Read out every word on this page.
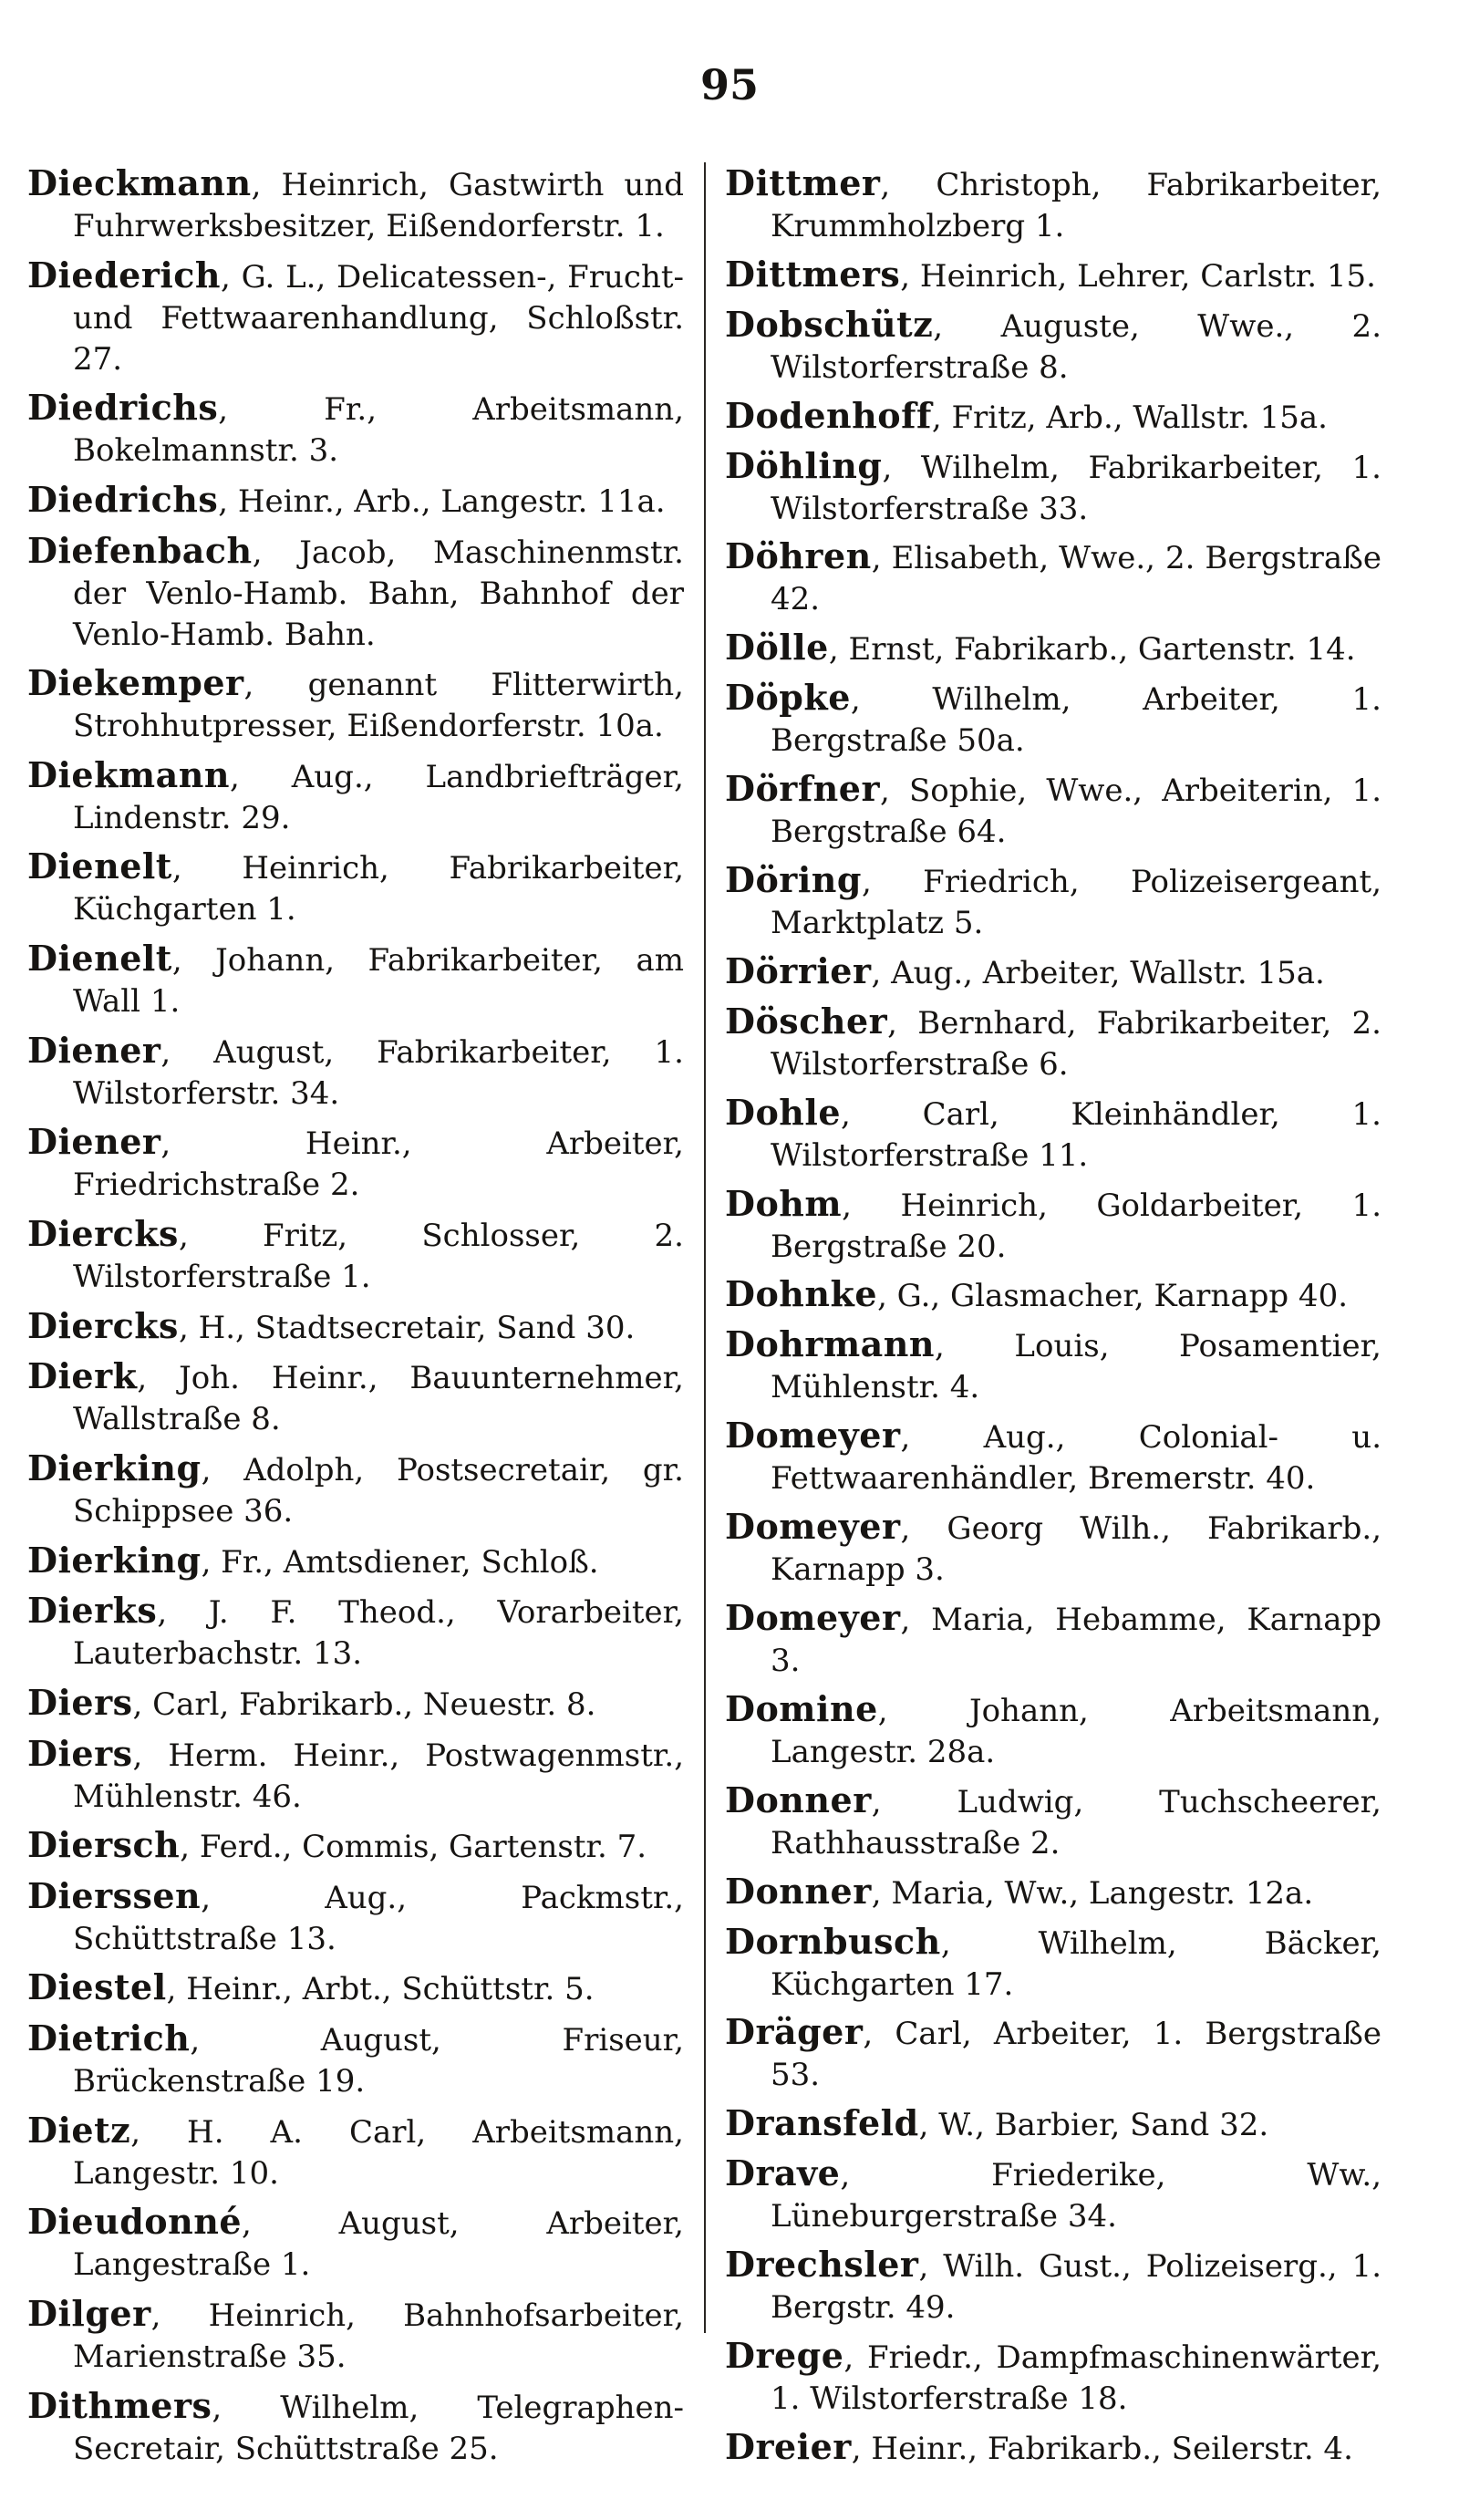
95

Dieckmann, Heinrich, Gastwirth und Fuhrwerksbesitzer, Eißendorferstr. 1.

Diederich, G. L., Delicatessen-, Frucht- und Fettwaarenhandlung, Schloßstr. 27.

Diedrichs, Fr., Arbeitsmann, Bokelmannstr. 3.

Diedrichs, Heinr., Arb., Langestr. 11a.

Diefenbach, Jacob, Maschinenmstr. der Venlo-Hamb. Bahn, Bahnhof der Venlo-Hamb. Bahn.

Diekemper, genannt Flitterwirth, Strohhutpresser, Eißendorferstr. 10a.

Diekmann, Aug., Landbriefträger, Lindenstr. 29.

Dienelt, Heinrich, Fabrikarbeiter, Küchgarten 1.

Dienelt, Johann, Fabrikarbeiter, am Wall 1.

Diener, August, Fabrikarbeiter, 1. Wilstorferstr. 34.

Diener, Heinr., Arbeiter, Friedrichstraße 2.

Diercks, Fritz, Schlosser, 2. Wilstorferstraße 1.

Diercks, H., Stadtsecretair, Sand 30.

Dierk, Joh. Heinr., Bauunternehmer, Wallstraße 8.

Dierking, Adolph, Postsecretair, gr. Schippsee 36.

Dierking, Fr., Amtsdiener, Schloß.

Dierks, J. F. Theod., Vorarbeiter, Lauterbachstr. 13.

Diers, Carl, Fabrikarb., Neuestr. 8.

Diers, Herm. Heinr., Postwagenmstr., Mühlenstr. 46.

Diersch, Ferd., Commis, Gartenstr. 7.

Dierssen, Aug., Packmstr., Schüttstraße 13.

Diestel, Heinr., Arbt., Schüttstr. 5.

Dietrich, August, Friseur, Brückenstraße 19.

Dietz, H. A. Carl, Arbeitsmann, Langestr. 10.

Dieudonné, August, Arbeiter, Langestraße 1.

Dilger, Heinrich, Bahnhofsarbeiter, Marienstraße 35.

Dithmers, Wilhelm, Telegraphen-Secretair, Schüttstraße 25.

Dittmer, Christoph, Fabrikarbeiter, Krummholzberg 1.

Dittmers, Heinrich, Lehrer, Carlstr. 15.

Dobschütz, Auguste, Wwe., 2. Wilstorferstraße 8.

Dodenhoff, Fritz, Arb., Wallstr. 15a.

Döhling, Wilhelm, Fabrikarbeiter, 1. Wilstorferstraße 33.

Döhren, Elisabeth, Wwe., 2. Bergstraße 42.

Dölle, Ernst, Fabrikarb., Gartenstr. 14.

Döpke, Wilhelm, Arbeiter, 1. Bergstraße 50a.

Dörfner, Sophie, Wwe., Arbeiterin, 1. Bergstraße 64.

Döring, Friedrich, Polizeisergeant, Marktplatz 5.

Dörrier, Aug., Arbeiter, Wallstr. 15a.

Döscher, Bernhard, Fabrikarbeiter, 2. Wilstorferstraße 6.

Dohle, Carl, Kleinhändler, 1. Wilstorferstraße 11.

Dohm, Heinrich, Goldarbeiter, 1. Bergstraße 20.

Dohnke, G., Glasmacher, Karnapp 40.

Dohrmann, Louis, Posamentier, Mühlenstr. 4.

Domeyer, Aug., Colonial- u. Fettwaarenhändler, Bremerstr. 40.

Domeyer, Georg Wilh., Fabrikarb., Karnapp 3.

Domeyer, Maria, Hebamme, Karnapp 3.

Domine, Johann, Arbeitsmann, Langestr. 28a.

Donner, Ludwig, Tuchscheerer, Rathhausstraße 2.

Donner, Maria, Ww., Langestr. 12a.

Dornbusch, Wilhelm, Bäcker, Küchgarten 17.

Dräger, Carl, Arbeiter, 1. Bergstraße 53.

Dransfeld, W., Barbier, Sand 32.

Drave, Friederike, Ww., Lüneburgerstraße 34.

Drechsler, Wilh. Gust., Polizeiserg., 1. Bergstr. 49.

Drege, Friedr., Dampfmaschinenwärter, 1. Wilstorferstraße 18.

Dreier, Heinr., Fabrikarb., Seilerstr. 4.
